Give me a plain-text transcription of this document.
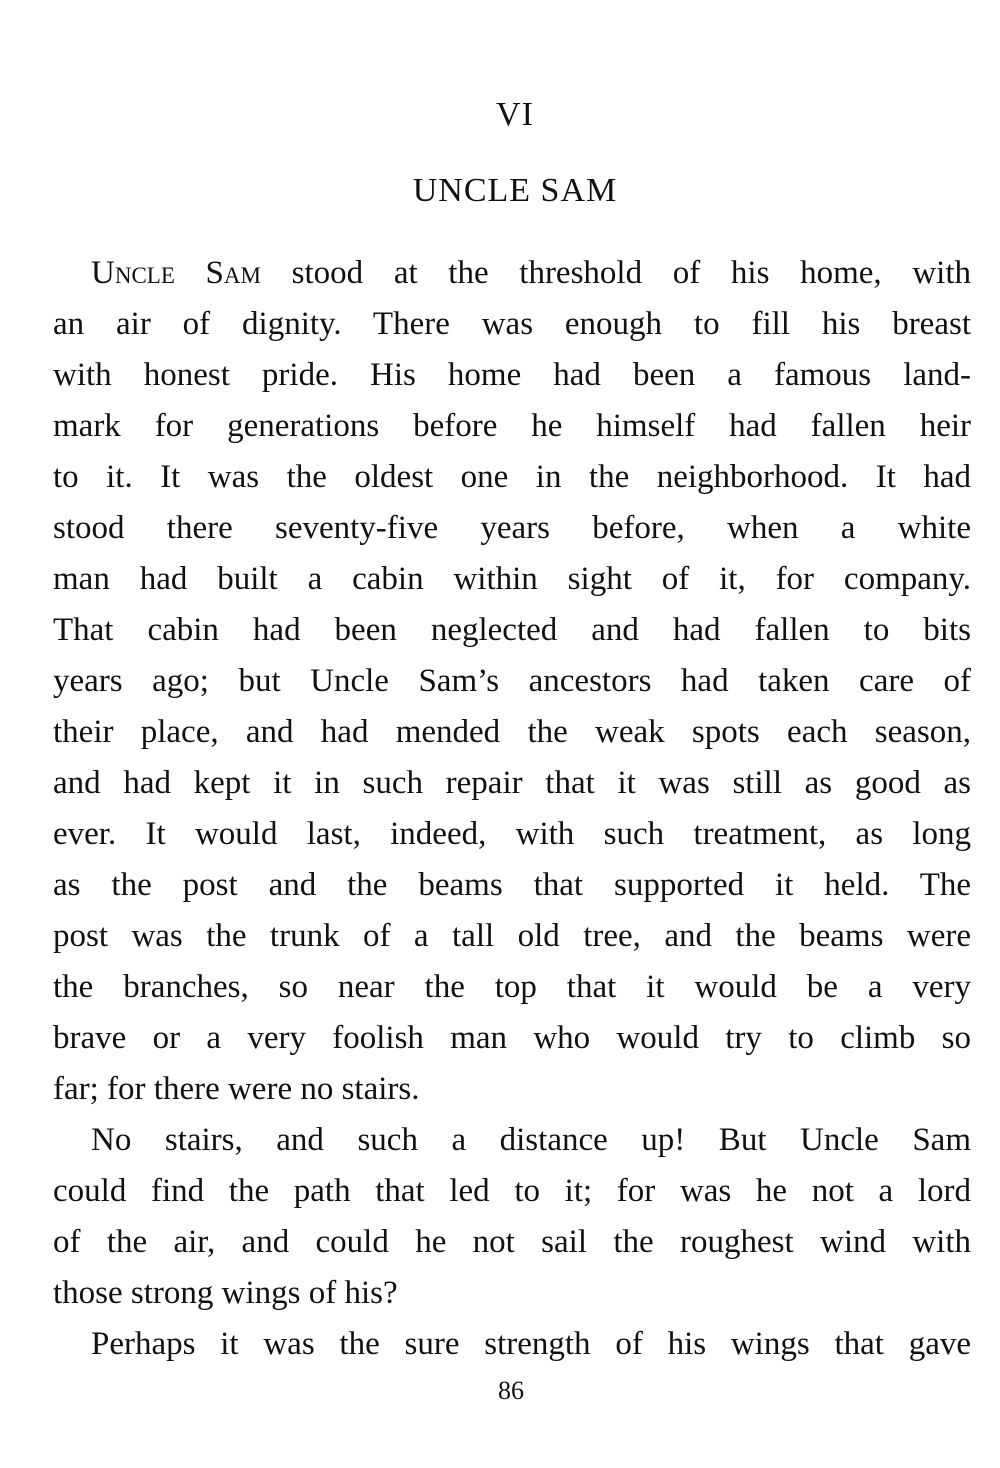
VI
UNCLE SAM
Uncle Sam stood at the threshold of his home, with
an air of dignity. There was enough to fill his breast
with honest pride. His home had been a famous land-
mark for generations before he himself had fallen heir
to it. It was the oldest one in the neighborhood. It had
stood there seventy-five years before, when a white
man had built a cabin within sight of it, for company.
That cabin had been neglected and had fallen to bits
years ago; but Uncle Sam’s ancestors had taken care of
their place, and had mended the weak spots each season,
and had kept it in such repair that it was still as good as
ever. It would last, indeed, with such treatment, as long
as the post and the beams that supported it held. The
post was the trunk of a tall old tree, and the beams were
the branches, so near the top that it would be a very
brave or a very foolish man who would try to climb so
far; for there were no stairs.
No stairs, and such a distance up! But Uncle Sam
could find the path that led to it; for was he not a lord
of the air, and could he not sail the roughest wind with
those strong wings of his?
Perhaps it was the sure strength of his wings that gave
86
